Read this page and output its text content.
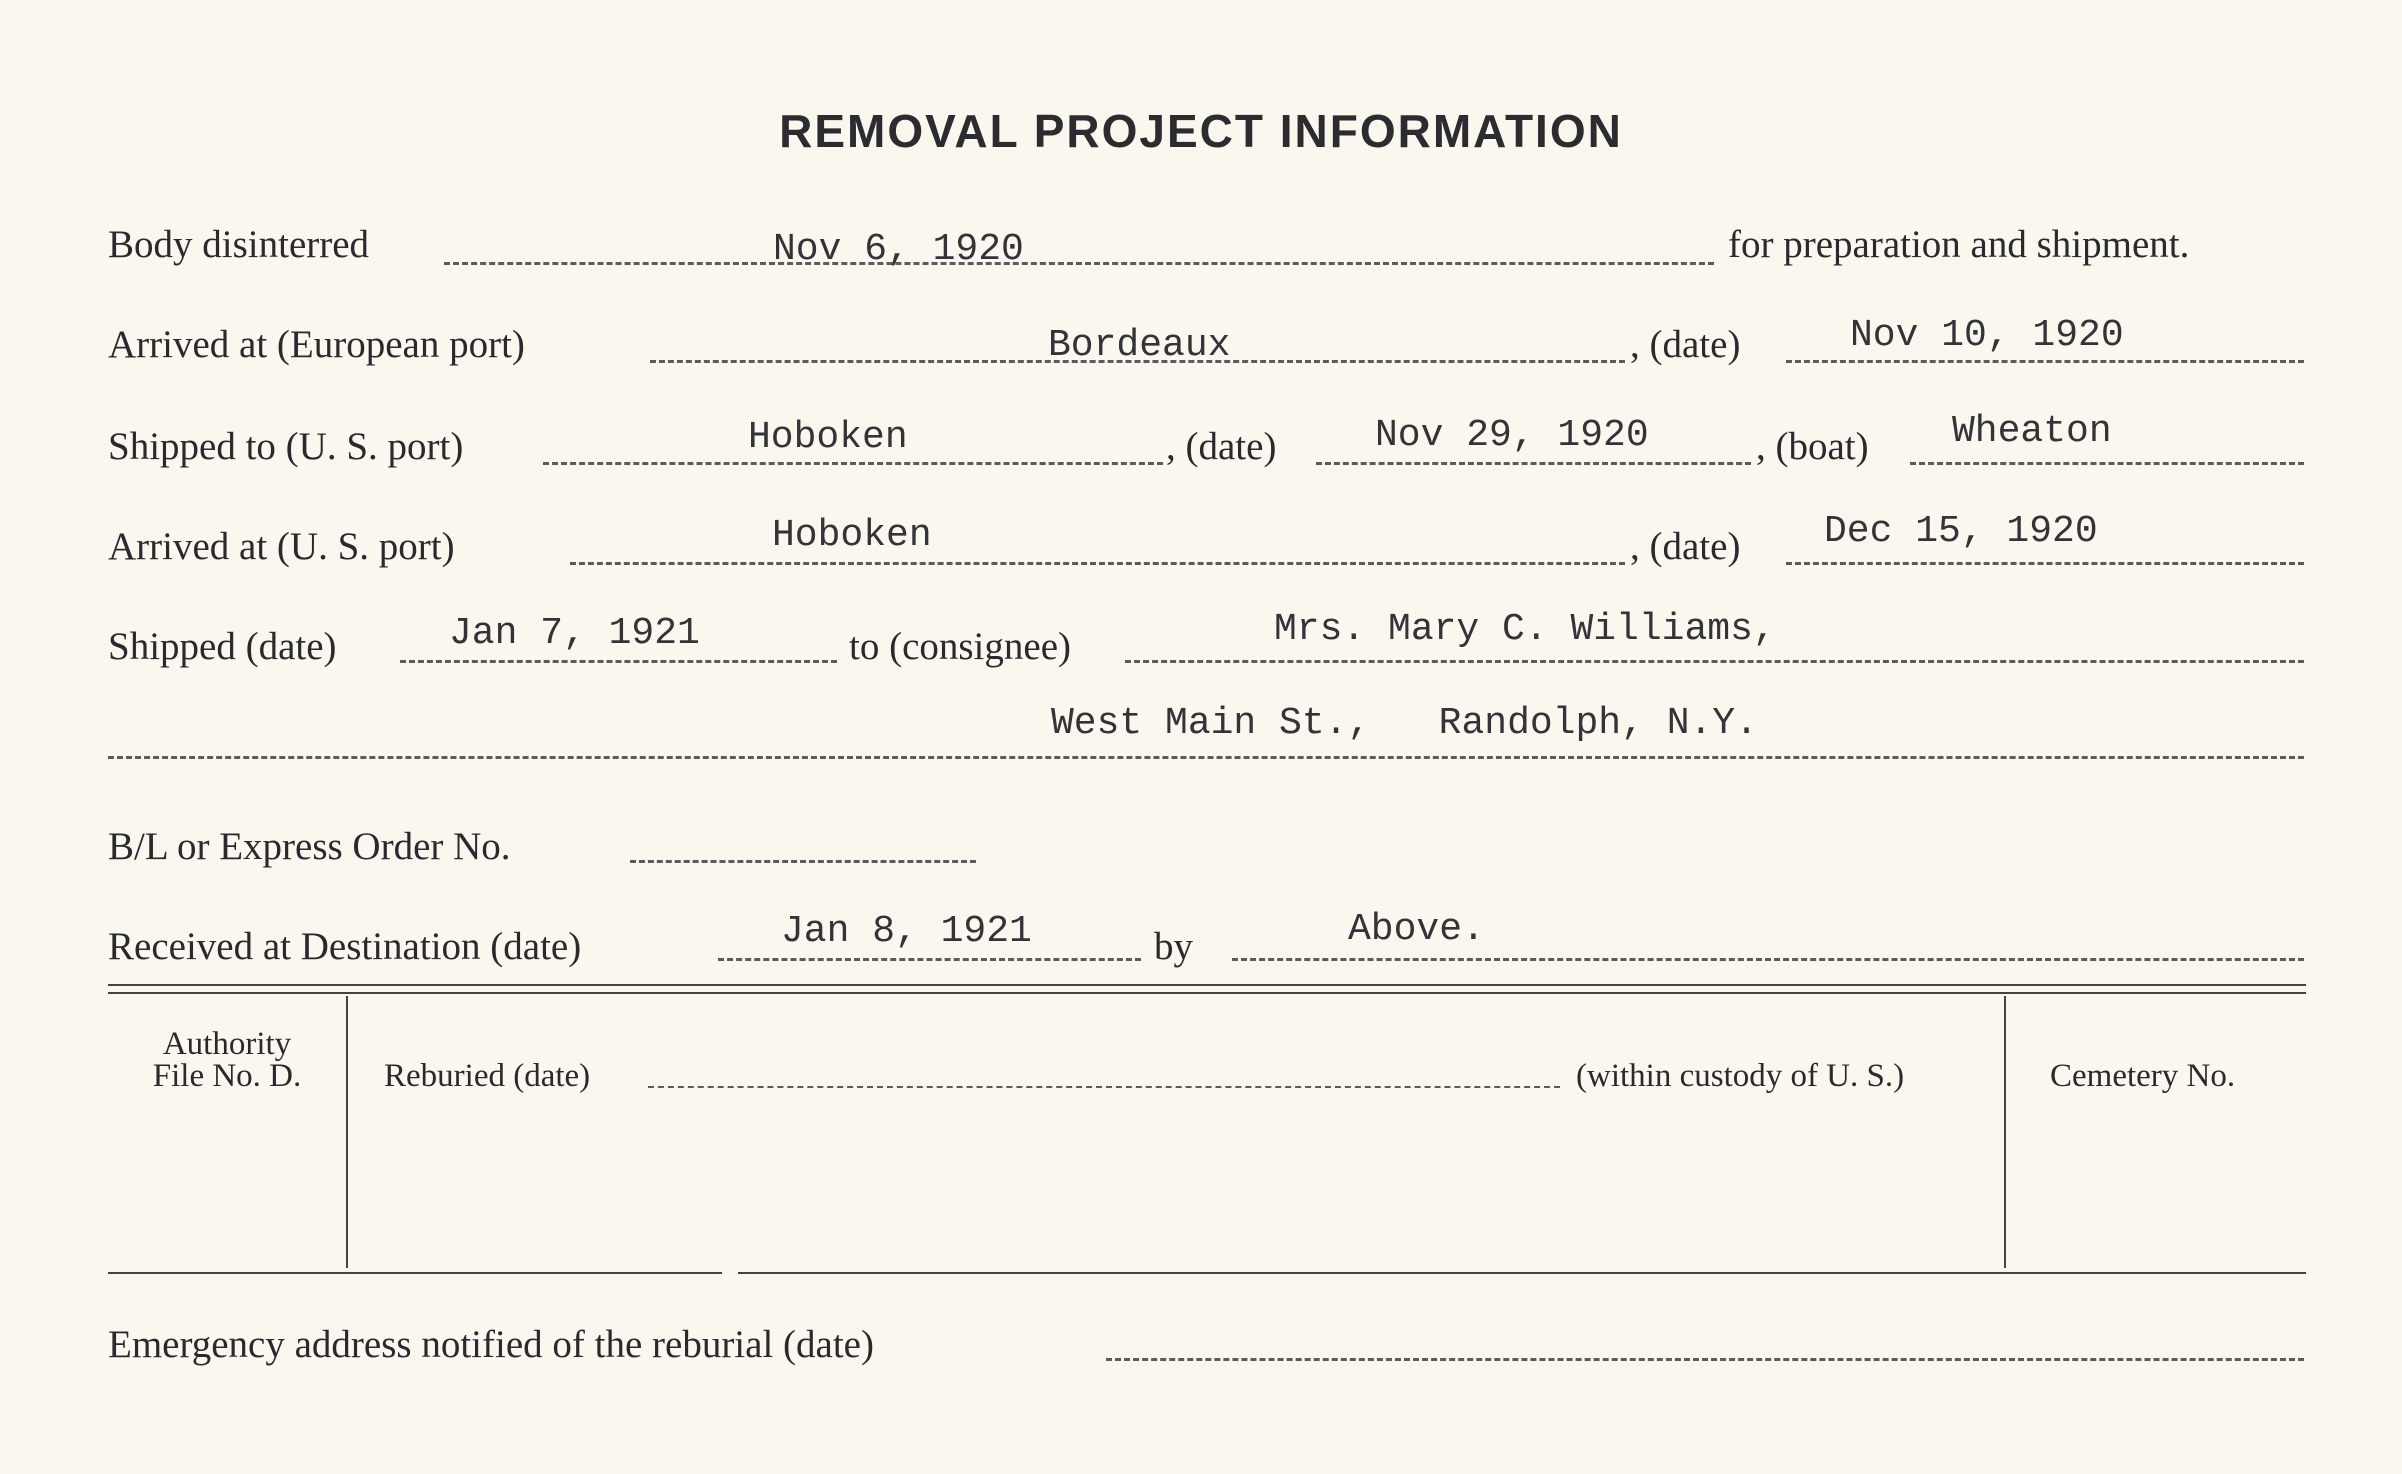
REMOVAL PROJECT INFORMATION
Body disinterred	Nov 6, 1920	for preparation and shipment.
Arrived at (European port)	Bordeaux	, (date)	Nov 10, 1920
Shipped to (U. S. port)	Hoboken	, (date)	Nov 29, 1920	, (boat) Wheaton
Arrived at (U. S. port)	Hoboken	, (date) Dec 15, 1920
Shipped (date)	Jan 7, 1921	to (consignee)	Mrs. Mary C. Williams,
West Main St.,   Randolph, N.Y.
B/L or Express Order No.
Received at Destination (date)	Jan 8, 1921	by	Above.
Authority
File No. D.	Reburied (date)	(within custody of U. S.)	Cemetery No.
Emergency address notified of the reburial (date)
